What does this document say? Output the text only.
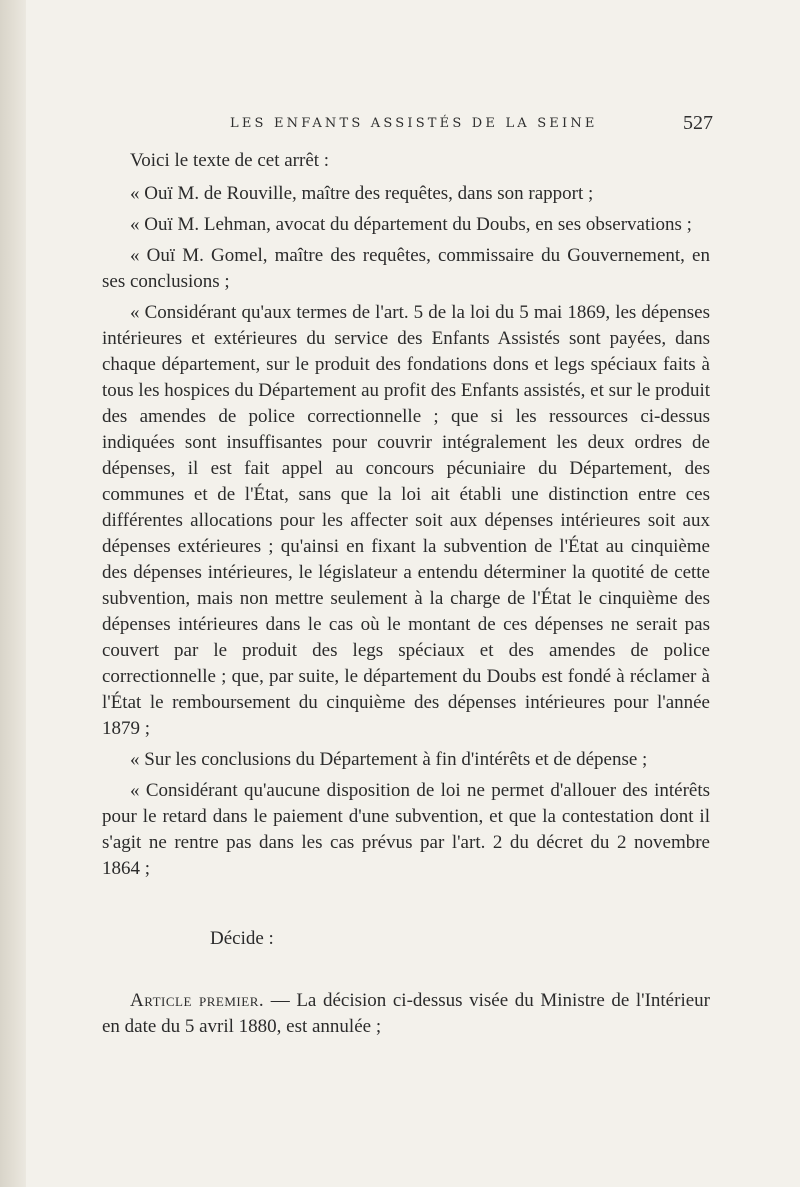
LES ENFANTS ASSISTÉS DE LA SEINE	527

Voici le texte de cet arrêt :

« Ouï M. de Rouville, maître des requêtes, dans son rapport ;

« Ouï M. Lehman, avocat du département du Doubs, en ses observations ;

« Ouï M. Gomel, maître des requêtes, commissaire du Gouvernement, en ses conclusions ;

« Considérant qu'aux termes de l'art. 5 de la loi du 5 mai 1869, les dépenses intérieures et extérieures du service des Enfants Assistés sont payées, dans chaque département, sur le produit des fondations dons et legs spéciaux faits à tous les hospices du Département au profit des Enfants assistés, et sur le produit des amendes de police correctionnelle ; que si les ressources ci-dessus indiquées sont insuffisantes pour couvrir intégralement les deux ordres de dépenses, il est fait appel au concours pécuniaire du Département, des communes et de l'État, sans que la loi ait établi une distinction entre ces différentes allocations pour les affecter soit aux dépenses intérieures soit aux dépenses extérieures ; qu'ainsi en fixant la subvention de l'État au cinquième des dépenses intérieures, le législateur a entendu déterminer la quotité de cette subvention, mais non mettre seulement à la charge de l'État le cinquième des dépenses intérieures dans le cas où le montant de ces dépenses ne serait pas couvert par le produit des legs spéciaux et des amendes de police correctionnelle ; que, par suite, le département du Doubs est fondé à réclamer à l'État le remboursement du cinquième des dépenses intérieures pour l'année 1879 ;

« Sur les conclusions du Département à fin d'intérêts et de dépense ;

« Considérant qu'aucune disposition de loi ne permet d'allouer des intérêts pour le retard dans le paiement d'une subvention, et que la contestation dont il s'agit ne rentre pas dans les cas prévus par l'art. 2 du décret du 2 novembre 1864 ;

Décide :

Article premier. — La décision ci-dessus visée du Ministre de l'Intérieur en date du 5 avril 1880, est annulée ;
